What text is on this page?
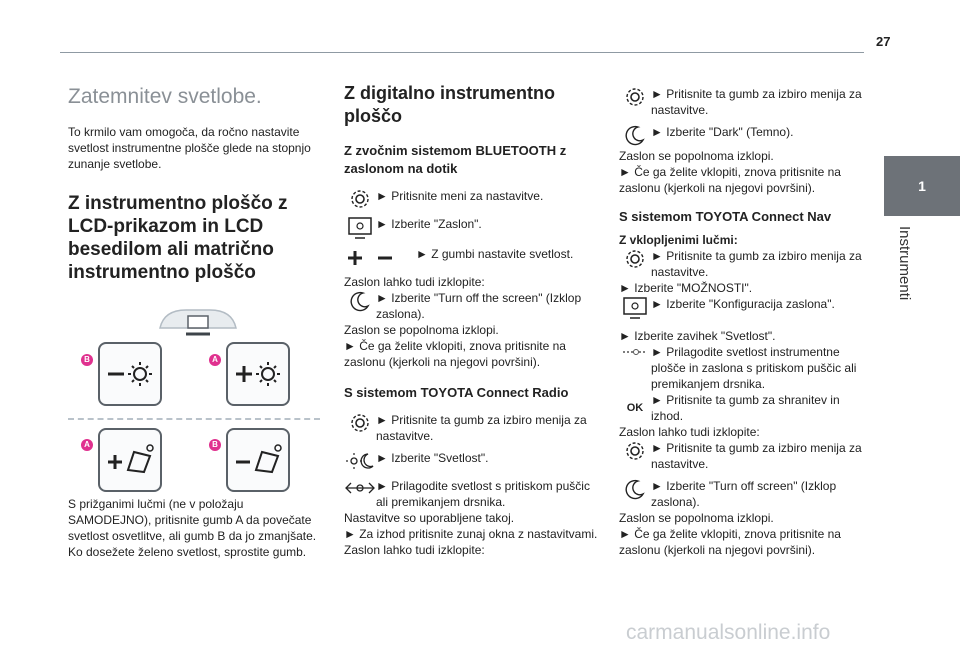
27
1
Instrumenti
Zatemnitev svetlobe.
To krmilo vam omogoča, da ročno nastavite svetlost instrumentne plošče glede na stopnjo zunanje svetlobe.
Z instrumentno ploščo z LCD-prikazom in LCD besedilom ali matrično instrumentno ploščo
B	A
A	B
S prižganimi lučmi (ne v položaju SAMODEJNO), pritisnite gumb A da povečate svetlost osvetlitve, ali gumb B da jo zmanjšate. Ko dosežete želeno svetlost, sprostite gumb.
Z digitalno instrumentno ploščo
Z zvočnim sistemom BLUETOOTH z zaslonom na dotik
► Pritisnite meni za nastavitve.
► Izberite "Zaslon".
► Z gumbi nastavite svetlost.
Zaslon lahko tudi izklopite:
► Izberite "Turn off the screen" (Izklop zaslona).
Zaslon se popolnoma izklopi.
► Če ga želite vklopiti, znova pritisnite na zaslonu (kjerkoli na njegovi površini).
S sistemom TOYOTA Connect Radio
► Pritisnite ta gumb za izbiro menija za nastavitve.
► Izberite "Svetlost".
► Prilagodite svetlost s pritiskom puščic ali premikanjem drsnika.
Nastavitve so uporabljene takoj.
► Za izhod pritisnite zunaj okna z nastavitvami.
Zaslon lahko tudi izklopite:
► Pritisnite ta gumb za izbiro menija za nastavitve.
► Izberite "Dark" (Temno).
Zaslon se popolnoma izklopi.
► Če ga želite vklopiti, znova pritisnite na zaslonu (kjerkoli na njegovi površini).
S sistemom TOYOTA Connect Nav
Z vklopljenimi lučmi:
► Pritisnite ta gumb za izbiro menija za nastavitve.
► Izberite "MOŽNOSTI".
► Izberite "Konfiguracija zaslona".
► Izberite zavihek "Svetlost".
► Prilagodite svetlost instrumentne plošče in zaslona s pritiskom puščic ali premikanjem drsnika.
OK
► Pritisnite ta gumb za shranitev in izhod.
Zaslon lahko tudi izklopite:
► Pritisnite ta gumb za izbiro menija za nastavitve.
► Izberite "Turn off screen" (Izklop zaslona).
Zaslon se popolnoma izklopi.
► Če ga želite vklopiti, znova pritisnite na zaslonu (kjerkoli na njegovi površini).
carmanualsonline.info
